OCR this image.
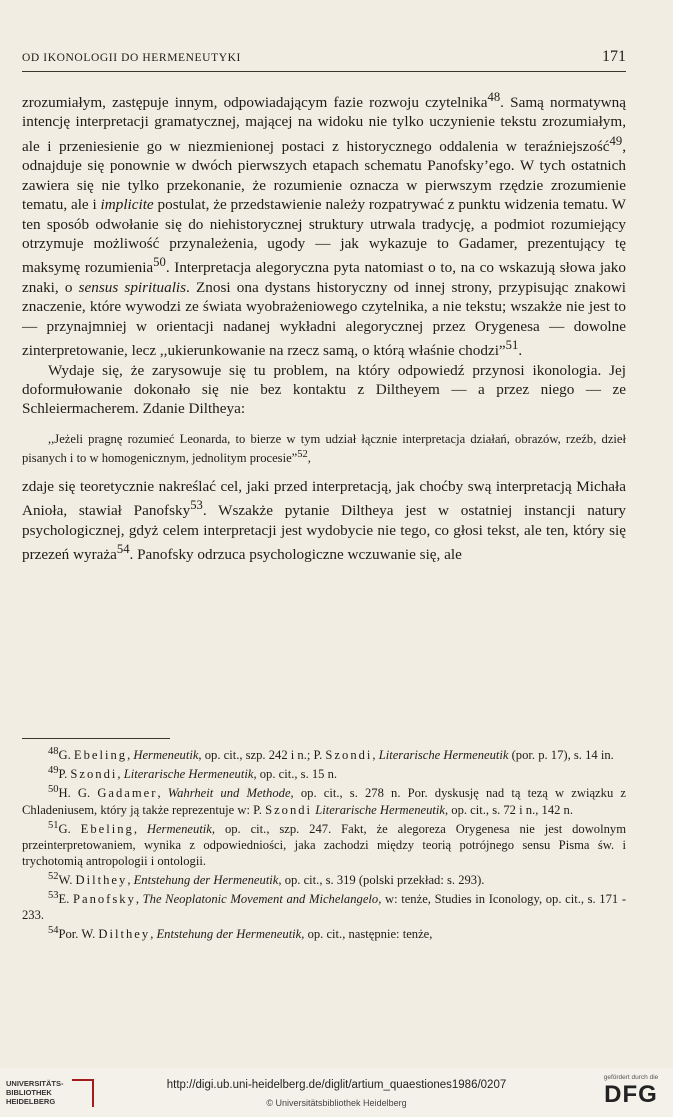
OD IKONOLOGII DO HERMENEUTYKI	171

zrozumiałym, zastępuje innym, odpowiadającym fazie rozwoju czytelnika$^{48}$. Samą normatywną intencję interpretacji gramatycznej, mającej na widoku nie tylko uczynienie tekstu zrozumiałym, ale i przeniesienie go w niezmienionej postaci z historycznego oddalenia w teraźniejszość$^{49}$, odnajduje się ponownie w dwóch pierwszych etapach schematu Panofsky’ego. W tych ostatnich zawiera się nie tylko przekonanie, że rozumienie oznacza w pierwszym rzędzie zrozumienie tematu, ale i implicite postulat, że przedstawienie należy rozpatrywać z punktu widzenia tematu. W ten sposób odwołanie się do niehistorycznej struktury utrwala tradycję, a podmiot rozumiejący otrzymuje możliwość przynależenia, ugody — jak wykazuje to Gadamer, prezentujący tę maksymę rozumienia$^{50}$. Interpretacja alegoryczna pyta natomiast o to, na co wskazują słowa jako znaki, o sensus spiritualis. Znosi ona dystans historyczny od innej strony, przypisując znakowi znaczenie, które wywodzi ze świata wyobrażeniowego czytelnika, a nie tekstu; wszakże nie jest to — przynajmniej w orientacji nadanej wykładni alegorycznej przez Orygenesa — dowolne zinterpretowanie, lecz ,,ukierunkowanie na rzecz samą, o którą właśnie chodzi”$^{51}$.

Wydaje się, że zarysowuje się tu problem, na który odpowiedź przynosi ikonologia. Jej doformułowanie dokonało się nie bez kontaktu z Diltheyem — a przez niego — ze Schleiermacherem. Zdanie Diltheya:

,,Jeżeli pragnę rozumieć Leonarda, to bierze w tym udział łącznie interpretacja działań, obrazów, rzeźb, dzieł pisanych i to w homogenicznym, jednolitym procesie”$^{52}$,

zdaje się teoretycznie nakreślać cel, jaki przed interpretacją, jak choćby swą interpretacją Michała Anioła, stawiał Panofsky$^{53}$. Wszakże pytanie Diltheya jest w ostatniej instancji natury psychologicznej, gdyż celem interpretacji jest wydobycie nie tego, co głosi tekst, ale ten, który się przezeń wyraża$^{54}$. Panofsky odrzuca psychologiczne wczuwanie się, ale

$^{48}$G. Ebeling, Hermeneutik, op. cit., szp. 242 i n.; P. Szondi, Literarische Hermeneutik (por. p. 17), s. 14 in.

$^{49}$P. Szondi, Literarische Hermeneutik, op. cit., s. 15 n.

$^{50}$H. G. Gadamer, Wahrheit und Methode, op. cit., s. 278 n. Por. dyskusję nad tą tezą w związku z Chladeniusem, który ją także reprezentuje w: P. Szondi Literarische Hermeneutik, op. cit., s. 72 i n., 142 n.

$^{51}$G. Ebeling, Hermeneutik, op. cit., szp. 247. Fakt, że alegoreza Orygenesa nie jest dowolnym przeinterpretowaniem, wynika z odpowiedniości, jaka zachodzi między teorią potrójnego sensu Pisma św. i trychotomią antropologii i ontologii.

$^{52}$W. Dilthey, Entstehung der Hermeneutik, op. cit., s. 319 (polski przekład: s. 293).

$^{53}$E. Panofsky, The Neoplatonic Movement and Michelangelo, w: tenże, Studies in Iconology, op. cit., s. 171 - 233.

$^{54}$Por. W. Dilthey, Entstehung der Hermeneutik, op. cit., następnie: tenże,

UNIVERSITÄTS-
BIBLIOTHEK
HEIDELBERG
http://digi.ub.uni-heidelberg.de/diglit/artium_quaestiones1986/0207
© Universitätsbibliothek Heidelberg
gefördert durch die
DFG
